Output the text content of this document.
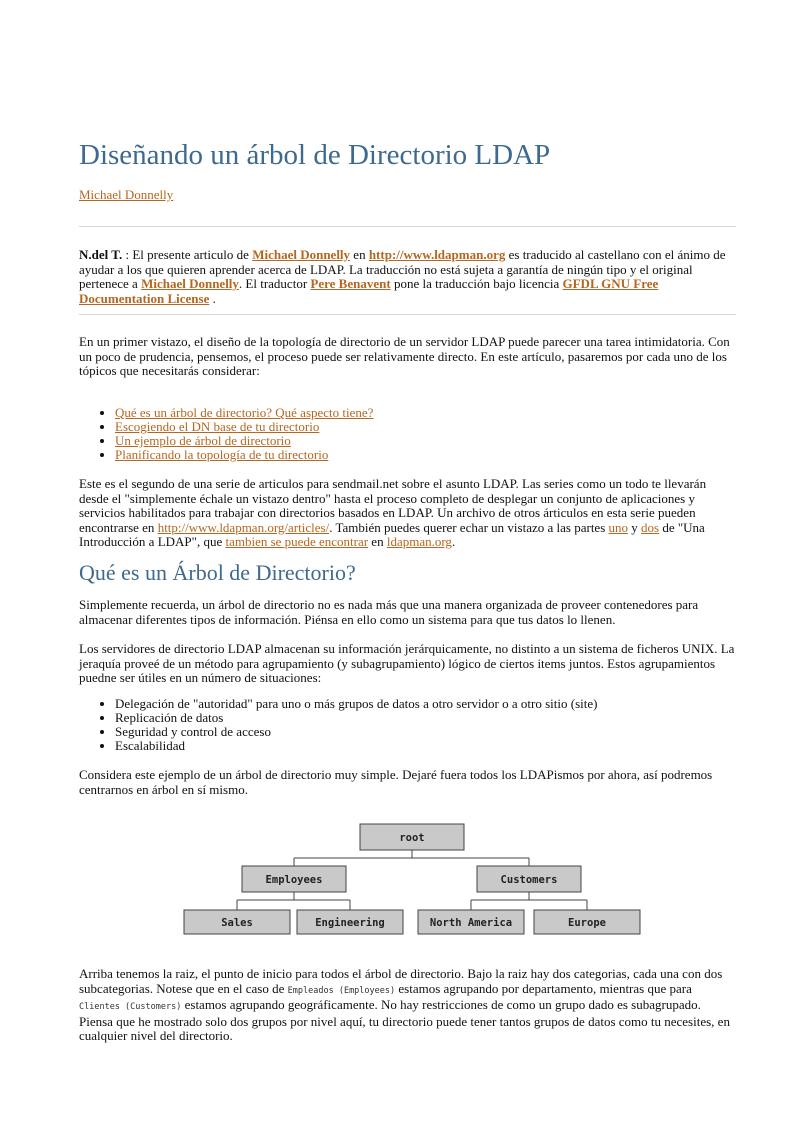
Diseñando un árbol de Directorio LDAP
Michael Donnelly

N.del T. : El presente articulo de Michael Donnelly en http://www.ldapman.org es traducido al castellano con el ánimo de ayudar a los que quieren aprender acerca de LDAP. La traducción no está sujeta a garantía de ningún tipo y el original pertenece a Michael Donnelly. El traductor Pere Benavent pone la traducción bajo licencia GFDL GNU Free Documentation License .

En un primer vistazo, el diseño de la topología de directorio de un servidor LDAP puede parecer una tarea intimidatoria. Con un poco de prudencia, pensemos, el proceso puede ser relativamente directo. En este artículo, pasaremos por cada uno de los tópicos que necesitarás considerar:

• Qué es un árbol de directorio? Qué aspecto tiene?
• Escogiendo el DN base de tu directorio
• Un ejemplo de árbol de directorio
• Planificando la topología de tu directorio

Este es el segundo de una serie de articulos para sendmail.net sobre el asunto LDAP. Las series como un todo te llevarán desde el "simplemente échale un vistazo dentro" hasta el proceso completo de desplegar un conjunto de aplicaciones y servicios habilitados para trabajar con directorios basados en LDAP. Un archivo de otros árticulos en esta serie pueden encontrarse en http://www.ldapman.org/articles/. También puedes querer echar un vistazo a las partes uno y dos de "Una Introducción a LDAP", que tambien se puede encontrar en ldapman.org.

Qué es un Árbol de Directorio?

Simplemente recuerda, un árbol de directorio no es nada más que una manera organizada de proveer contenedores para almacenar diferentes tipos de información. Piénsa en ello como un sistema para que tus datos lo llenen.

Los servidores de directorio LDAP almacenan su información jerárquicamente, no distinto a un sistema de ficheros UNIX. La jeraquía proveé de un método para agrupamiento (y subagrupamiento) lógico de ciertos items juntos. Estos agrupamientos puedne ser útiles en un número de situaciones:

• Delegación de "autoridad" para uno o más grupos de datos a otro servidor o a otro sitio (site)
• Replicación de datos
• Seguridad y control de acceso
• Escalabilidad

Considera este ejemplo de un árbol de directorio muy simple. Dejaré fuera todos los LDAPismos por ahora, así podremos centrarnos en árbol en sí mismo.

root
Employees	Customers
Sales	Engineering	North America	Europe

Arriba tenemos la raiz, el punto de inicio para todos el árbol de directorio. Bajo la raiz hay dos categorias, cada una con dos subcategorias. Notese que en el caso de Empleados (Employees) estamos agrupando por departamento, mientras que para Clientes (Customers) estamos agrupando geográficamente. No hay restricciones de como un grupo dado es subagrupado. Piensa que he mostrado solo dos grupos por nivel aquí, tu directorio puede tener tantos grupos de datos como tu necesites, en cualquier nivel del directorio.
